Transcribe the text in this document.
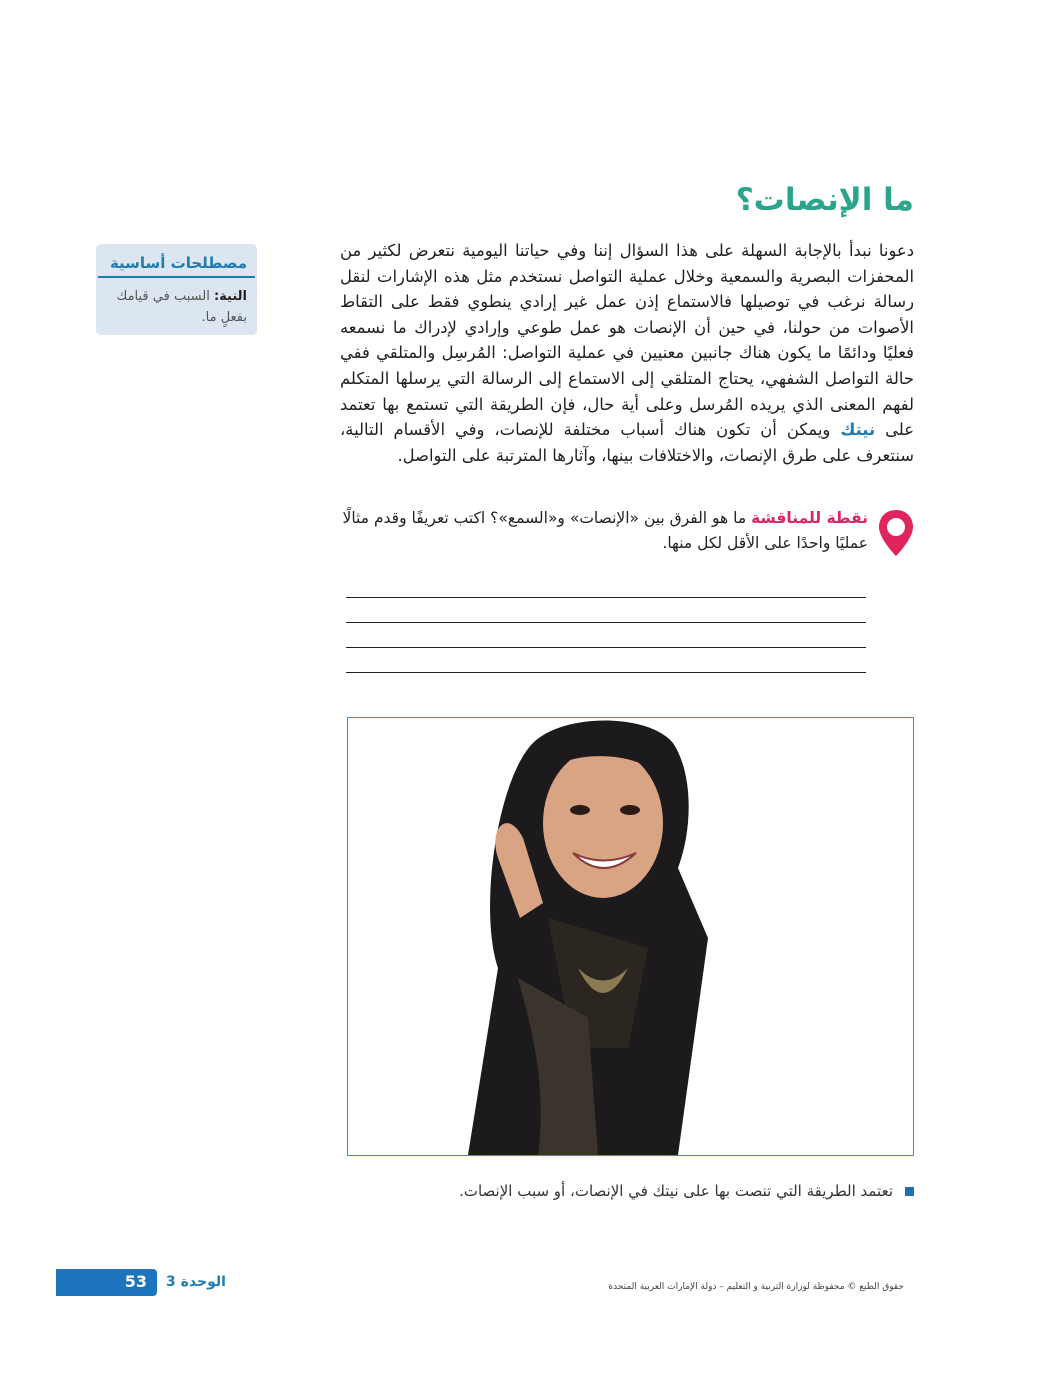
ما الإنصات؟
دعونا نبدأ بالإجابة السهلة على هذا السؤال إننا وفي حياتنا اليومية نتعرض لكثير من المحفزات البصرية والسمعية وخلال عملية التواصل نستخدم مثل هذه الإشارات لنقل رسالة نرغب في توصيلها فالاستماع إذن عمل غير إرادي ينطوي فقط على التقاط الأصوات من حولنا، في حين أن الإنصات هو عمل طوعي وإرادي لإدراك ما نسمعه فعليًا ودائمًا ما يكون هناك جانبين معنيين في عملية التواصل: المُرسِل والمتلقي ففي حالة التواصل الشفهي، يحتاج المتلقي إلى الاستماع إلى الرسالة التي يرسلها المتكلم لفهم المعنى الذي يريده المُرسل وعلى أية حال، فإن الطريقة التي تستمع بها تعتمد على نيتك ويمكن أن تكون هناك أسباب مختلفة للإنصات، وفي الأقسام التالية، سنتعرف على طرق الإنصات، والاختلافات بينها، وآثارها المترتبة على التواصل.
مصطلحات أساسية
النية: السبب في قيامك بفعلٍ ما.
نقطة للمناقشة ما هو الفرق بين «الإنصات» و«السمع»؟ اكتب تعريفًا وقدم مثالًا عمليًا واحدًا على الأقل لكل منها.
تعتمد الطريقة التي تنصت بها على نيتك في الإنصات، أو سبب الإنصات.
53 الوحدة 3	حقوق الطبع © محفوظة لوزارة التربية و التعليم – دولة الإمارات العربية المتحدة
